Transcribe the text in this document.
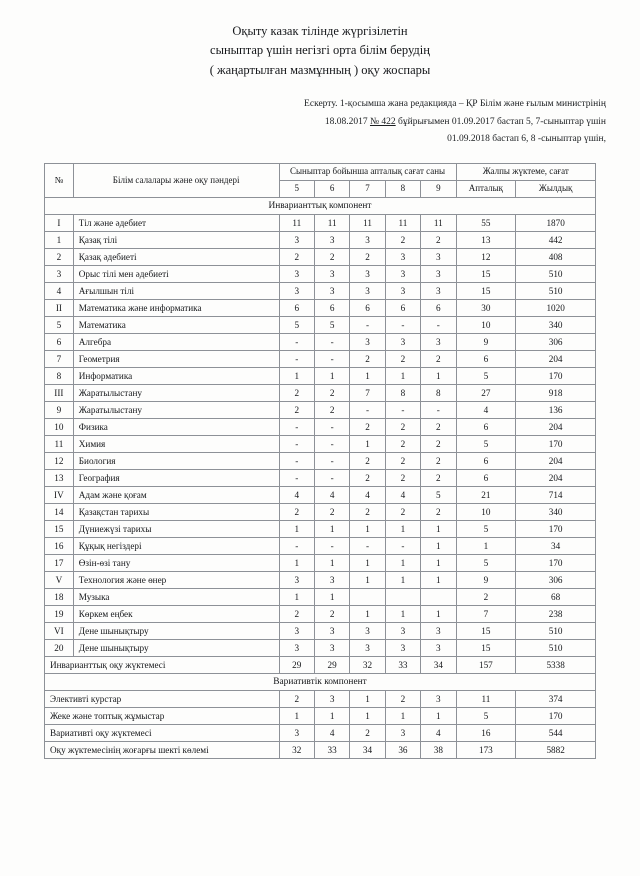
Оқыту казак тілінде жүргізілетін
сыныптар үшін негізгі орта білім берудің
( жаңартылған мазмұнның ) оқу жоспары
Ескерту. 1-қосымша жана редакцияда – ҚР Білім және ғылым министрінің
18.08.2017 № 422 бұйрығымен 01.09.2017 бастап 5, 7-сыныптар үшін
01.09.2018 бастап 6, 8 -сыныптар үшін,
№	Білім салалары және оқу пәндері	Сыныптар бойынша апталық сағат саны					Жалпы жүктеме, сағат	
		5	6	7	8	9	Апталық	Жылдық
Инварианттық компонент								
I	Тіл және әдебиет	11	11	11	11	11	55	1870
1	Қазақ тілі	3	3	3	2	2	13	442
2	Қазақ әдебиеті	2	2	2	3	3	12	408
3	Орыс тілі мен әдебиеті	3	3	3	3	3	15	510
4	Ағылшын тілі	3	3	3	3	3	15	510
II	Математика және информатика	6	6	6	6	6	30	1020
5	Математика	5	5	-	-	-	10	340
6	Алгебра	-	-	3	3	3	9	306
7	Геометрия	-	-	2	2	2	6	204
8	Информатика	1	1	1	1	1	5	170
III	Жаратылыстану	2	2	7	8	8	27	918
9	Жаратылыстану	2	2	-	-	-	4	136
10	Физика	-	-	2	2	2	6	204
11	Химия	-	-	1	2	2	5	170
12	Биология	-	-	2	2	2	6	204
13	География	-	-	2	2	2	6	204
IV	Адам және қоғам	4	4	4	4	5	21	714
14	Қазақстан тарихы	2	2	2	2	2	10	340
15	Дүниежүзі тарихы	1	1	1	1	1	5	170
16	Құқық негіздері	-	-	-	-	1	1	34
17	Өзін-өзі тану	1	1	1	1	1	5	170
V	Технология және өнер	3	3	1	1	1	9	306
18	Музыка	1	1				2	68
19	Көркем еңбек	2	2	1	1	1	7	238
VI	Дене шынықтыру	3	3	3	3	3	15	510
20	Дене шынықтыру	3	3	3	3	3	15	510
Инварианттық оқу жүктемесі		29	29	32	33	34	157	5338
Вариативтік компонент								
Элективті курстар		2	3	1	2	3	11	374
Жеке және топтық жұмыстар		1	1	1	1	1	5	170
Вариативті оқу жүктемесі		3	4	2	3	4	16	544
Оқу жүктемесінің жоғарғы шекті көлемі		32	33	34	36	38	173	5882
